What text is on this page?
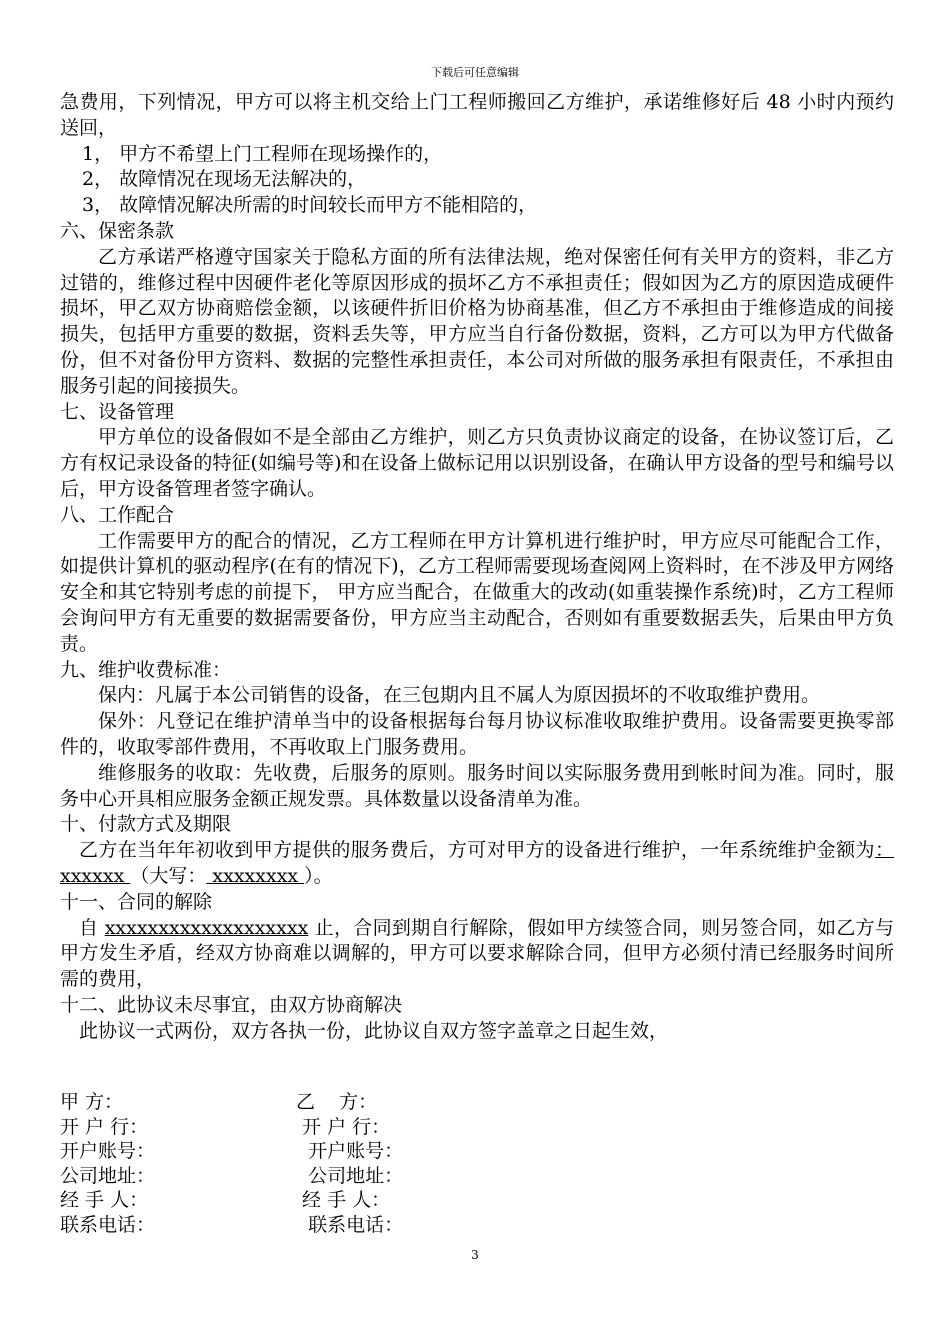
下载后可任意编辑

急费用，下列情况，甲方可以将主机交给上门工程师搬回乙方维护，承诺维修好后 48 小时内预约送回，

1， 甲方不希望上门工程师在现场操作的，

2， 故障情况在现场无法解决的，

3， 故障情况解决所需的时间较长而甲方不能相陪的，

六、保密条款

乙方承诺严格遵守国家关于隐私方面的所有法律法规，绝对保密任何有关甲方的资料，非乙方过错的，维修过程中因硬件老化等原因形成的损坏乙方不承担责任；假如因为乙方的原因造成硬件损坏，甲乙双方协商赔偿金额，以该硬件折旧价格为协商基准，但乙方不承担由于维修造成的间接损失，包括甲方重要的数据，资料丢失等，甲方应当自行备份数据，资料，乙方可以为甲方代做备份，但不对备份甲方资料、数据的完整性承担责任，本公司对所做的服务承担有限责任，不承担由服务引起的间接损失。

七、设备管理

甲方单位的设备假如不是全部由乙方维护，则乙方只负责协议商定的设备，在协议签订后，乙方有权记录设备的特征(如编号等)和在设备上做标记用以识别设备，在确认甲方设备的型号和编号以后，甲方设备管理者签字确认。

八、工作配合

工作需要甲方的配合的情况，乙方工程师在甲方计算机进行维护时，甲方应尽可能配合工作，如提供计算机的驱动程序(在有的情况下)，乙方工程师需要现场查阅网上资料时，在不涉及甲方网络安全和其它特别考虑的前提下， 甲方应当配合，在做重大的改动(如重装操作系统)时，乙方工程师会询问甲方有无重要的数据需要备份，甲方应当主动配合，否则如有重要数据丢失，后果由甲方负责。

九、维护收费标准：

保内：凡属于本公司销售的设备，在三包期内且不属人为原因损坏的不收取维护费用。

保外：凡登记在维护清单当中的设备根据每台每月协议标准收取维护费用。设备需要更换零部件的，收取零部件费用，不再收取上门服务费用。

维修服务的收取：先收费，后服务的原则。服务时间以实际服务费用到帐时间为准。同时，服务中心开具相应服务金额正规发票。具体数量以设备清单为准。

十、付款方式及期限

乙方在当年年初收到甲方提供的服务费后，方可对甲方的设备进行维护，一年系统维护金额为：xxxxxx （大写： xxxxxxxx ）。

十一、合同的解除

自 xxxxxxxxxxxxxxxxxxx 止，合同到期自行解除，假如甲方续签合同，则另签合同，如乙方与甲方发生矛盾，经双方协商难以调解的，甲方可以要求解除合同，但甲方必须付清已经服务时间所需的费用，

十二、此协议未尽事宜，由双方协商解决

此协议一式两份，双方各执一份，此协议自双方签字盖章之日起生效，

甲 方：	乙    方：
开 户 行：	开 户 行：
开户账号：	开户账号：
公司地址：	公司地址：
经 手 人：	经 手 人：
联系电话：	联系电话：
3
